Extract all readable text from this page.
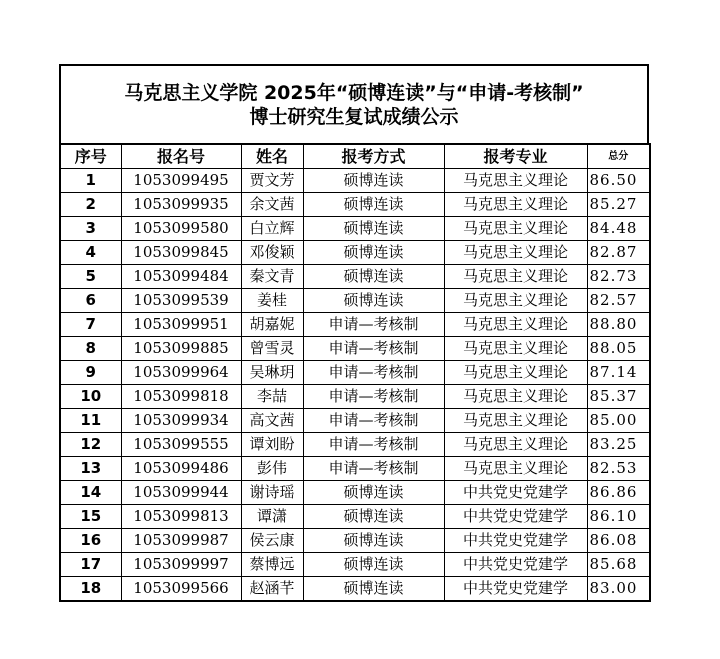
马克思主义学院 2025年“硕博连读”与“申请-考核制”
博士研究生复试成绩公示
序号	报名号	姓名	报考方式	报考专业	总分
1	1053099495	贾文芳	硕博连读	马克思主义理论	86.50
2	1053099935	余文茜	硕博连读	马克思主义理论	85.27
3	1053099580	白立辉	硕博连读	马克思主义理论	84.48
4	1053099845	邓俊颖	硕博连读	马克思主义理论	82.87
5	1053099484	秦文青	硕博连读	马克思主义理论	82.73
6	1053099539	姜桂	硕博连读	马克思主义理论	82.57
7	1053099951	胡嘉妮	申请—考核制	马克思主义理论	88.80
8	1053099885	曾雪灵	申请—考核制	马克思主义理论	88.05
9	1053099964	吴琳玥	申请—考核制	马克思主义理论	87.14
10	1053099818	李喆	申请—考核制	马克思主义理论	85.37
11	1053099934	高文茜	申请—考核制	马克思主义理论	85.00
12	1053099555	谭刘盼	申请—考核制	马克思主义理论	83.25
13	1053099486	彭伟	申请—考核制	马克思主义理论	82.53
14	1053099944	谢诗瑶	硕博连读	中共党史党建学	86.86
15	1053099813	谭潇	硕博连读	中共党史党建学	86.10
16	1053099987	侯云康	硕博连读	中共党史党建学	86.08
17	1053099997	蔡博远	硕博连读	中共党史党建学	85.68
18	1053099566	赵涵芊	硕博连读	中共党史党建学	83.00
